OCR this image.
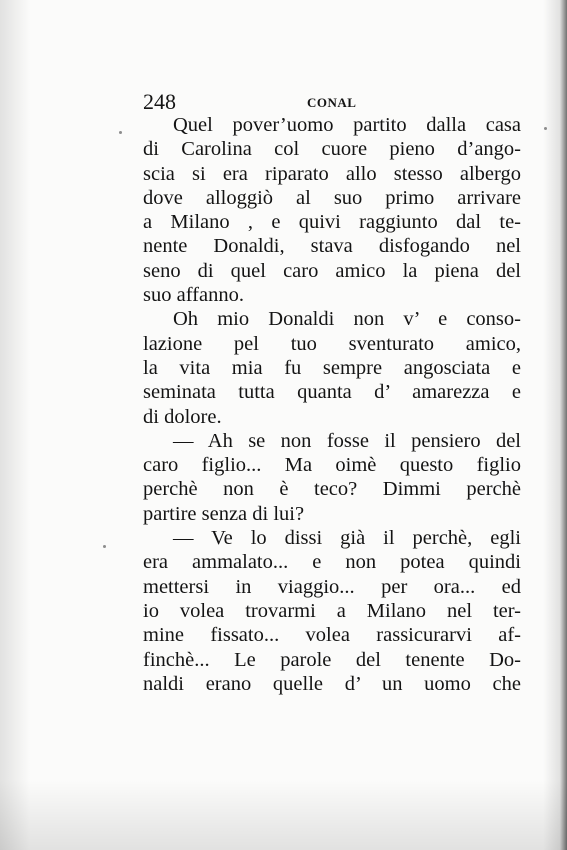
248	CONAL
Quel pover’uomo partito dalla casa
di Carolina col cuore pieno d’ango-
scia si era riparato allo stesso albergo
dove alloggiò al suo primo arrivare
a Milano , e quivi raggiunto dal te-
nente Donaldi, stava disfogando nel
seno di quel caro amico la piena del
suo affanno.
Oh mio Donaldi non v’ e conso-
lazione pel tuo sventurato amico,
la vita mia fu sempre angosciata e
seminata tutta quanta d’ amarezza e
di dolore.
— Ah se non fosse il pensiero del
caro figlio... Ma oimè questo figlio
perchè non è teco? Dimmi perchè
partire senza di lui?
— Ve lo dissi già il perchè, egli
era ammalato... e non potea quindi
mettersi in viaggio... per ora... ed
io volea trovarmi a Milano nel ter-
mine fissato... volea rassicurarvi af-
finchè... Le parole del tenente Do-
naldi erano quelle d’ un uomo che
